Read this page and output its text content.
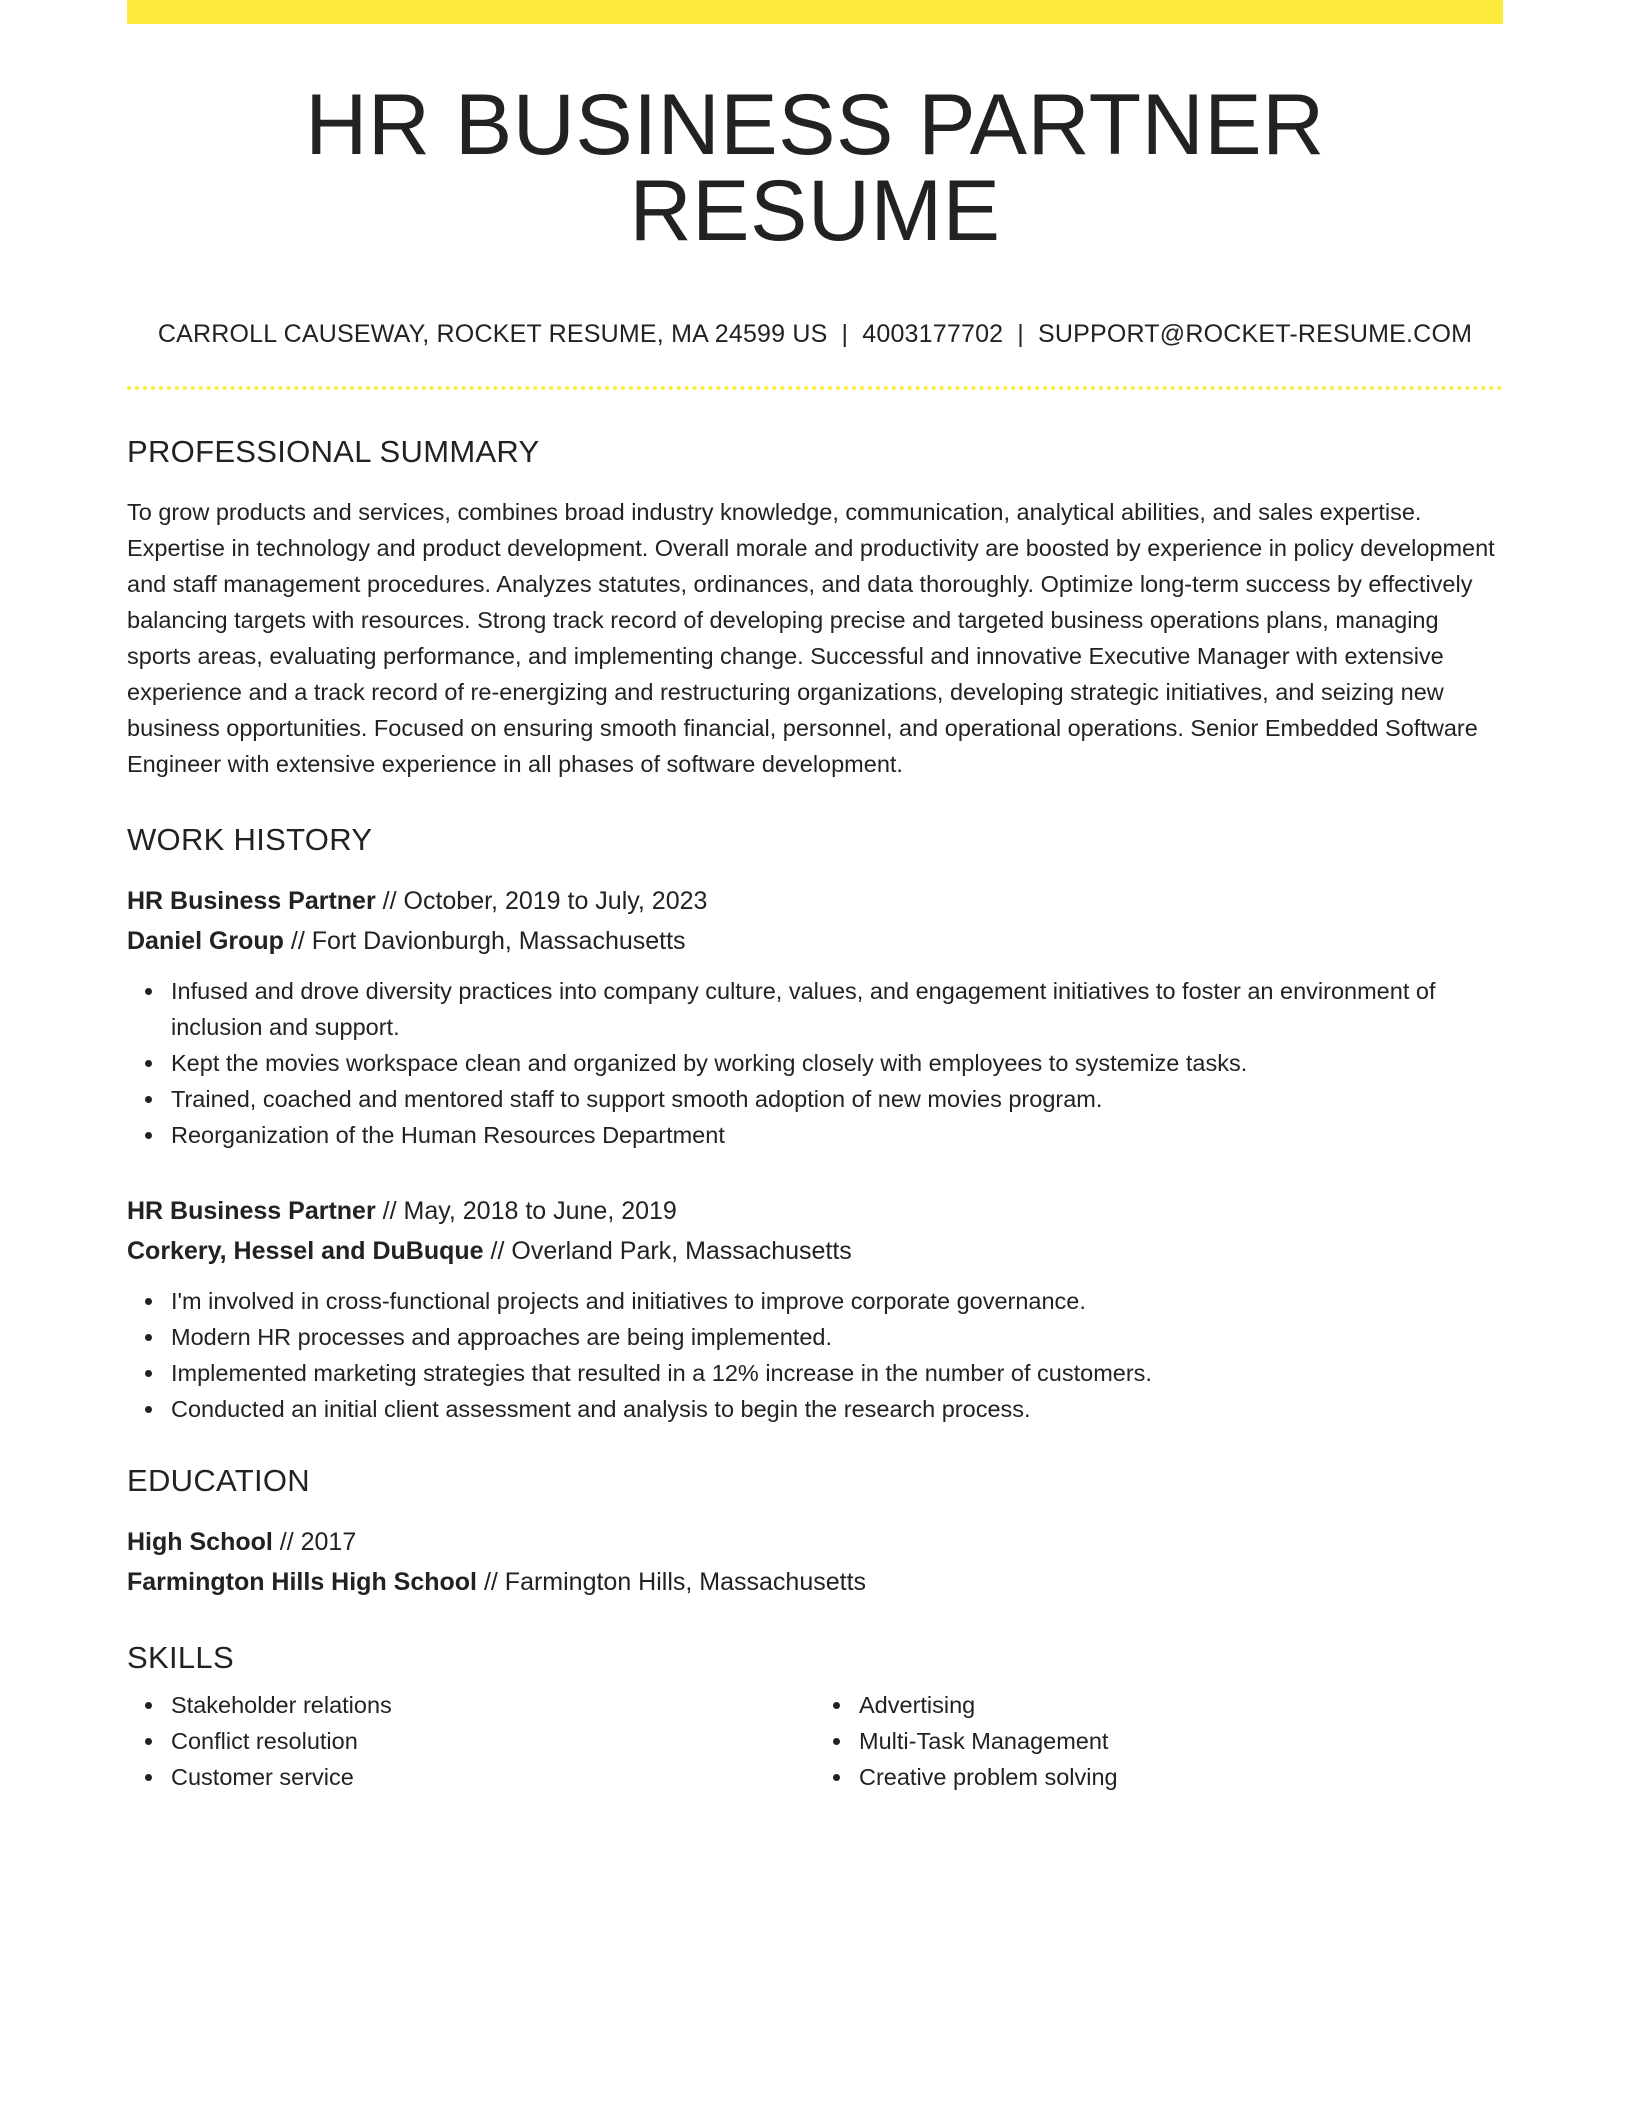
HR BUSINESS PARTNER RESUME
CARROLL CAUSEWAY, ROCKET RESUME, MA 24599 US | 4003177702 | SUPPORT@ROCKET-RESUME.COM
PROFESSIONAL SUMMARY

To grow products and services, combines broad industry knowledge, communication, analytical abilities, and sales expertise. Expertise in technology and product development. Overall morale and productivity are boosted by experience in policy development and staff management procedures. Analyzes statutes, ordinances, and data thoroughly. Optimize long-term success by effectively balancing targets with resources. Strong track record of developing precise and targeted business operations plans, managing sports areas, evaluating performance, and implementing change. Successful and innovative Executive Manager with extensive experience and a track record of re-energizing and restructuring organizations, developing strategic initiatives, and seizing new business opportunities. Focused on ensuring smooth financial, personnel, and operational operations. Senior Embedded Software Engineer with extensive experience in all phases of software development.

WORK HISTORY
HR Business Partner // October, 2019 to July, 2023
Daniel Group // Fort Davionburgh, Massachusetts
Infused and drove diversity practices into company culture, values, and engagement initiatives to foster an environment of inclusion and support.
Kept the movies workspace clean and organized by working closely with employees to systemize tasks.
Trained, coached and mentored staff to support smooth adoption of new movies program.
Reorganization of the Human Resources Department
HR Business Partner // May, 2018 to June, 2019
Corkery, Hessel and DuBuque // Overland Park, Massachusetts
I'm involved in cross-functional projects and initiatives to improve corporate governance.
Modern HR processes and approaches are being implemented.
Implemented marketing strategies that resulted in a 12% increase in the number of customers.
Conducted an initial client assessment and analysis to begin the research process.
EDUCATION
High School // 2017
Farmington Hills High School // Farmington Hills, Massachusetts
SKILLS
Stakeholder relations
Conflict resolution
Customer service
Advertising
Multi-Task Management
Creative problem solving
